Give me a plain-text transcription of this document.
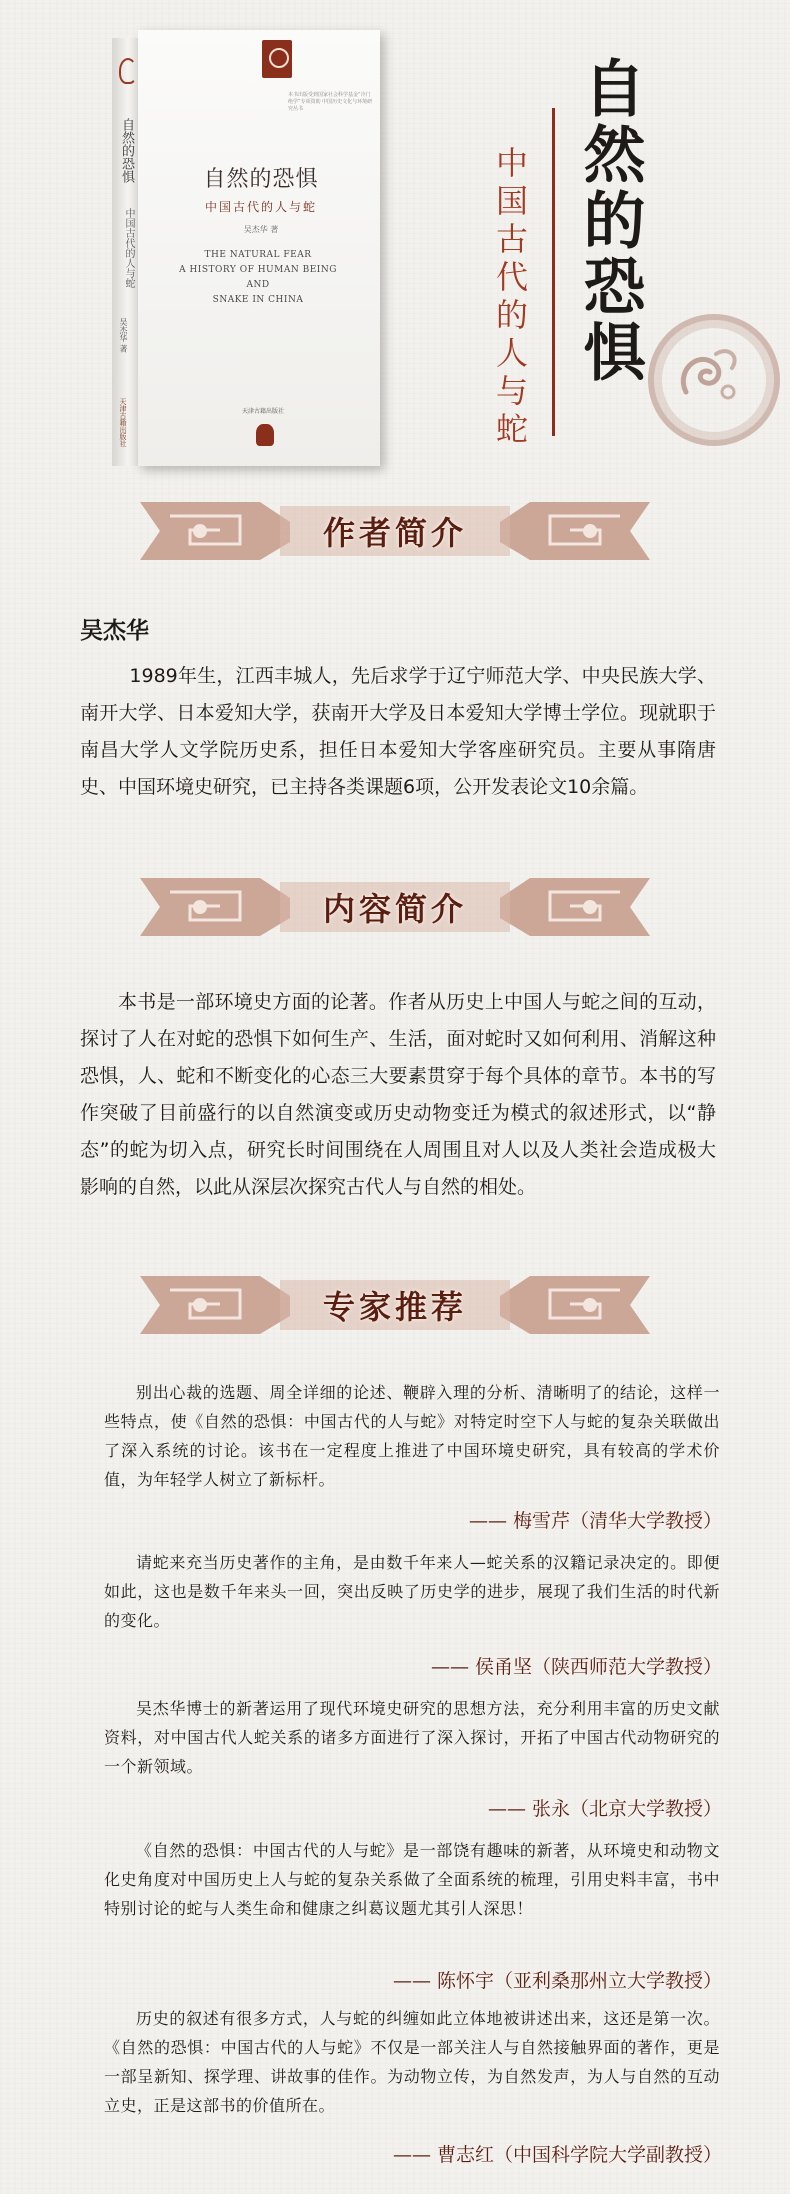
自然的恐惧
中国古代的人与蛇
吴杰华 著
天津古籍出版社
本书出版受到国家社会科学基金“冷门绝学”专项资助 中国历史文化与环境研究丛书
自然的恐惧
中国古代的人与蛇
吴杰华 著
THE NATURAL FEAR
A HISTORY OF HUMAN BEING
AND
SNAKE IN CHINA
天津古籍出版社
自然的恐惧
中国古代的人与蛇
作者简介
吴杰华

1989年生，江西丰城人，先后求学于辽宁师范大学、中央民族大学、南开大学、日本爱知大学，获南开大学及日本爱知大学博士学位。现就职于南昌大学人文学院历史系，担任日本爱知大学客座研究员。主要从事隋唐史、中国环境史研究，已主持各类课题6项，公开发表论文10余篇。

内容简介

本书是一部环境史方面的论著。作者从历史上中国人与蛇之间的互动，探讨了人在对蛇的恐惧下如何生产、生活，面对蛇时又如何利用、消解这种恐惧，人、蛇和不断变化的心态三大要素贯穿于每个具体的章节。本书的写作突破了目前盛行的以自然演变或历史动物变迁为模式的叙述形式，以“静态”的蛇为切入点，研究长时间围绕在人周围且对人以及人类社会造成极大影响的自然，以此从深层次探究古代人与自然的相处。

专家推荐

别出心裁的选题、周全详细的论述、鞭辟入理的分析、清晰明了的结论，这样一些特点，使《自然的恐惧：中国古代的人与蛇》对特定时空下人与蛇的复杂关联做出了深入系统的讨论。该书在一定程度上推进了中国环境史研究，具有较高的学术价值，为年轻学人树立了新标杆。

—— 梅雪芹（清华大学教授）

请蛇来充当历史著作的主角，是由数千年来人—蛇关系的汉籍记录决定的。即便如此，这也是数千年来头一回，突出反映了历史学的进步，展现了我们生活的时代新的变化。

—— 侯甬坚（陕西师范大学教授）

吴杰华博士的新著运用了现代环境史研究的思想方法，充分利用丰富的历史文献资料，对中国古代人蛇关系的诸多方面进行了深入探讨，开拓了中国古代动物研究的一个新领域。

—— 张永（北京大学教授）

《自然的恐惧：中国古代的人与蛇》是一部饶有趣味的新著，从环境史和动物文化史角度对中国历史上人与蛇的复杂关系做了全面系统的梳理，引用史料丰富，书中特别讨论的蛇与人类生命和健康之纠葛议题尤其引人深思！

—— 陈怀宇（亚利桑那州立大学教授）

历史的叙述有很多方式，人与蛇的纠缠如此立体地被讲述出来，这还是第一次。《自然的恐惧：中国古代的人与蛇》不仅是一部关注人与自然接触界面的著作，更是一部呈新知、探学理、讲故事的佳作。为动物立传，为自然发声，为人与自然的互动立史，正是这部书的价值所在。

—— 曹志红（中国科学院大学副教授）
